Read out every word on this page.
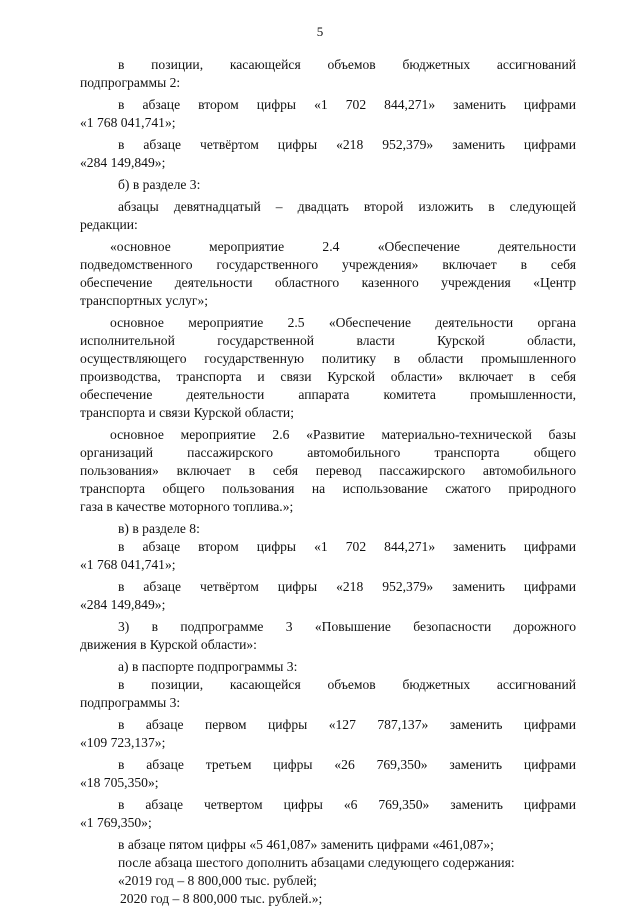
5
в позиции, касающейся объемов бюджетных ассигнований
подпрограммы 2:
в абзаце втором цифры «1 702 844,271» заменить цифрами
«1 768 041,741»;
в абзаце четвёртом цифры «218 952,379» заменить цифрами
«284 149,849»;
б) в разделе 3:
абзацы девятнадцатый – двадцать второй изложить в следующей
редакции:
«основное мероприятие 2.4 «Обеспечение деятельности
подведомственного государственного учреждения» включает в себя
обеспечение деятельности областного казенного учреждения «Центр
транспортных услуг»;
основное мероприятие 2.5 «Обеспечение деятельности органа
исполнительной государственной власти Курской области,
осуществляющего государственную политику в области промышленного
производства, транспорта и связи Курской области» включает в себя
обеспечение деятельности аппарата комитета промышленности,
транспорта и связи Курской области;
основное мероприятие 2.6 «Развитие материально-технической базы
организаций пассажирского автомобильного транспорта общего
пользования» включает в себя перевод пассажирского автомобильного
транспорта общего пользования на использование сжатого природного
газа в качестве моторного топлива.»;
в) в разделе 8:
в абзаце втором цифры «1 702 844,271» заменить цифрами
«1 768 041,741»;
в абзаце четвёртом цифры «218 952,379» заменить цифрами
«284 149,849»;
3) в подпрограмме 3 «Повышение безопасности дорожного
движения в Курской области»:
а) в паспорте подпрограммы 3:
в позиции, касающейся объемов бюджетных ассигнований
подпрограммы 3:
в абзаце первом цифры «127 787,137» заменить цифрами
«109 723,137»;
в абзаце третьем цифры «26 769,350» заменить цифрами
«18 705,350»;
в абзаце четвертом цифры «6 769,350» заменить цифрами
«1 769,350»;
в абзаце пятом цифры «5 461,087» заменить цифрами «461,087»;
после абзаца шестого дополнить абзацами следующего содержания:
«2019 год – 8 800,000 тыс. рублей;
2020 год – 8 800,000 тыс. рублей.»;
